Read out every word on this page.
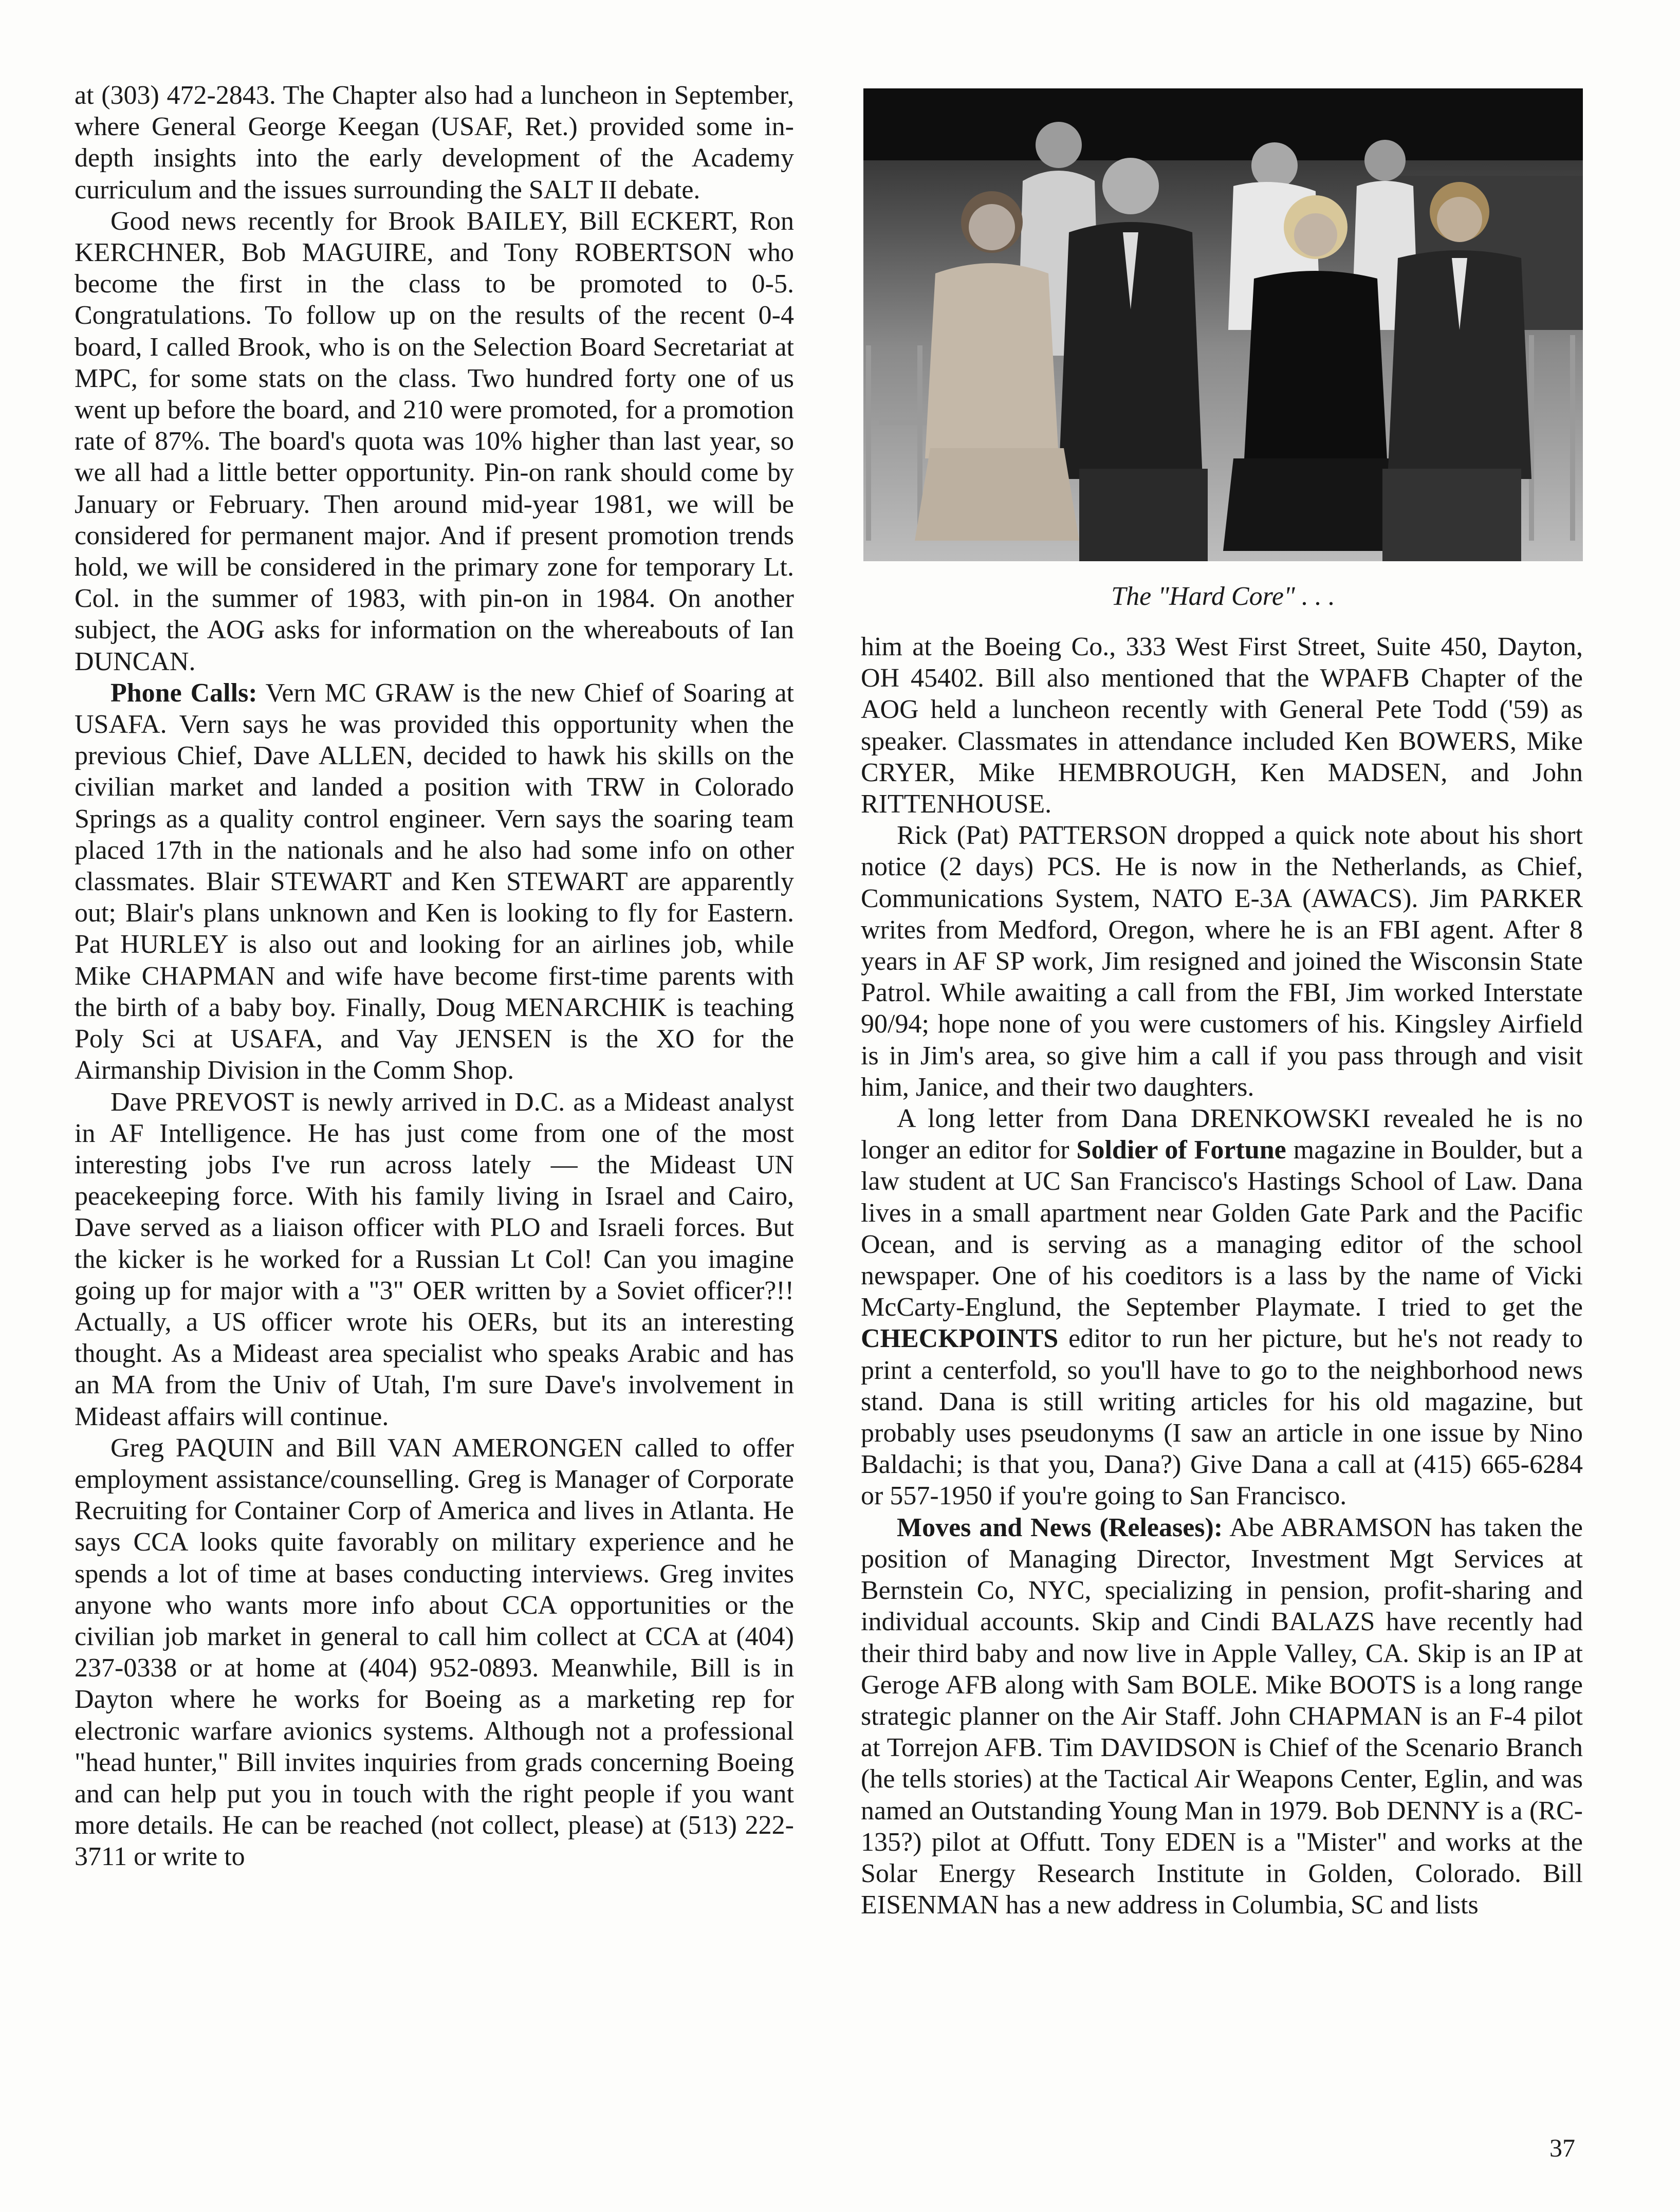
at (303) 472-2843. The Chapter also had a luncheon in September, where General George Keegan (USAF, Ret.) provided some in-depth insights into the early development of the Academy curriculum and the issues surrounding the SALT II debate.

Good news recently for Brook BAILEY, Bill ECKERT, Ron KERCHNER, Bob MAGUIRE, and Tony ROBERTSON who become the first in the class to be promoted to 0-5. Congratulations. To follow up on the results of the recent 0-4 board, I called Brook, who is on the Selection Board Secretariat at MPC, for some stats on the class. Two hundred forty one of us went up before the board, and 210 were promoted, for a promotion rate of 87%. The board's quota was 10% higher than last year, so we all had a little better opportunity. Pin-on rank should come by January or February. Then around mid-year 1981, we will be considered for permanent major. And if present promotion trends hold, we will be considered in the primary zone for temporary Lt. Col. in the summer of 1983, with pin-on in 1984. On another subject, the AOG asks for information on the whereabouts of Ian DUNCAN.

Phone Calls: Vern MC GRAW is the new Chief of Soaring at USAFA. Vern says he was provided this opportunity when the previous Chief, Dave ALLEN, decided to hawk his skills on the civilian market and landed a position with TRW in Colorado Springs as a quality control engineer. Vern says the soaring team placed 17th in the nationals and he also had some info on other classmates. Blair STEWART and Ken STEWART are apparently out; Blair's plans unknown and Ken is looking to fly for Eastern. Pat HURLEY is also out and looking for an airlines job, while Mike CHAPMAN and wife have become first-time parents with the birth of a baby boy. Finally, Doug MENARCHIK is teaching Poly Sci at USAFA, and Vay JENSEN is the XO for the Airmanship Division in the Comm Shop.

Dave PREVOST is newly arrived in D.C. as a Mideast analyst in AF Intelligence. He has just come from one of the most interesting jobs I've run across lately — the Mideast UN peacekeeping force. With his family living in Israel and Cairo, Dave served as a liaison officer with PLO and Israeli forces. But the kicker is he worked for a Russian Lt Col! Can you imagine going up for major with a "3" OER written by a Soviet officer?!! Actually, a US officer wrote his OERs, but its an interesting thought. As a Mideast area specialist who speaks Arabic and has an MA from the Univ of Utah, I'm sure Dave's involvement in Mideast affairs will continue.

Greg PAQUIN and Bill VAN AMERONGEN called to offer employment assistance/counselling. Greg is Manager of Corporate Recruiting for Container Corp of America and lives in Atlanta. He says CCA looks quite favorably on military experience and he spends a lot of time at bases conducting interviews. Greg invites anyone who wants more info about CCA opportunities or the civilian job market in general to call him collect at CCA at (404) 237-0338 or at home at (404) 952-0893. Meanwhile, Bill is in Dayton where he works for Boeing as a marketing rep for electronic warfare avionics systems. Although not a professional "head hunter," Bill invites inquiries from grads concerning Boeing and can help put you in touch with the right people if you want more details. He can be reached (not collect, please) at (513) 222-3711 or write to

The "Hard Core" . . .

him at the Boeing Co., 333 West First Street, Suite 450, Dayton, OH 45402. Bill also mentioned that the WPAFB Chapter of the AOG held a luncheon recently with General Pete Todd ('59) as speaker. Classmates in attendance included Ken BOWERS, Mike CRYER, Mike HEMBROUGH, Ken MADSEN, and John RITTENHOUSE.

Rick (Pat) PATTERSON dropped a quick note about his short notice (2 days) PCS. He is now in the Netherlands, as Chief, Communications System, NATO E-3A (AWACS). Jim PARKER writes from Medford, Oregon, where he is an FBI agent. After 8 years in AF SP work, Jim resigned and joined the Wisconsin State Patrol. While awaiting a call from the FBI, Jim worked Interstate 90/94; hope none of you were customers of his. Kingsley Airfield is in Jim's area, so give him a call if you pass through and visit him, Janice, and their two daughters.

A long letter from Dana DRENKOWSKI revealed he is no longer an editor for Soldier of Fortune magazine in Boulder, but a law student at UC San Francisco's Hastings School of Law. Dana lives in a small apartment near Golden Gate Park and the Pacific Ocean, and is serving as a managing editor of the school newspaper. One of his coeditors is a lass by the name of Vicki McCarty-Englund, the September Playmate. I tried to get the CHECKPOINTS editor to run her picture, but he's not ready to print a centerfold, so you'll have to go to the neighborhood news stand. Dana is still writing articles for his old magazine, but probably uses pseudonyms (I saw an article in one issue by Nino Baldachi; is that you, Dana?) Give Dana a call at (415) 665-6284 or 557-1950 if you're going to San Francisco.

Moves and News (Releases): Abe ABRAMSON has taken the position of Managing Director, Investment Mgt Services at Bernstein Co, NYC, specializing in pension, profit-sharing and individual accounts. Skip and Cindi BALAZS have recently had their third baby and now live in Apple Valley, CA. Skip is an IP at Geroge AFB along with Sam BOLE. Mike BOOTS is a long range strategic planner on the Air Staff. John CHAPMAN is an F-4 pilot at Torrejon AFB. Tim DAVIDSON is Chief of the Scenario Branch (he tells stories) at the Tactical Air Weapons Center, Eglin, and was named an Outstanding Young Man in 1979. Bob DENNY is a (RC-135?) pilot at Offutt. Tony EDEN is a "Mister" and works at the Solar Energy Research Institute in Golden, Colorado. Bill EISENMAN has a new address in Columbia, SC and lists

37
